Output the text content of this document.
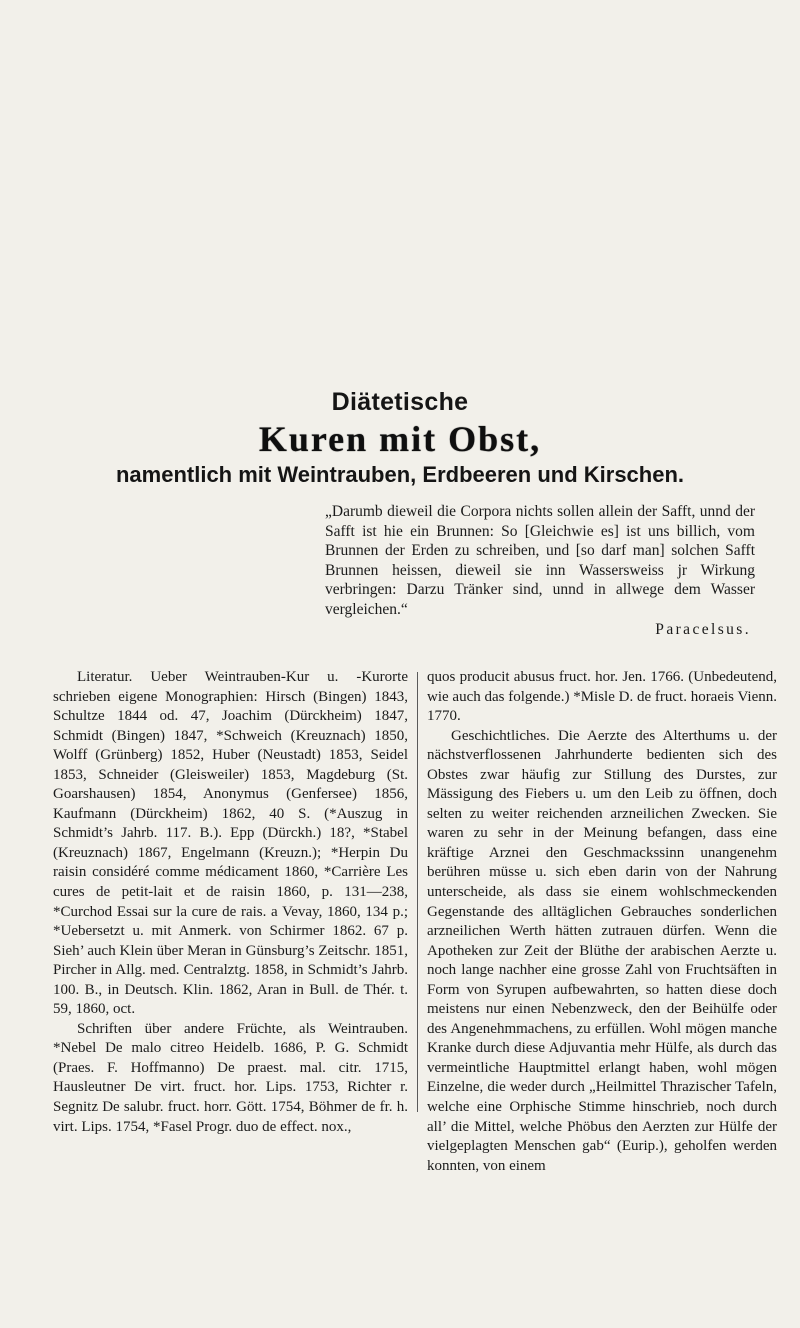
Diätetische
Kuren mit Obst,
namentlich mit Weintrauben, Erdbeeren und Kirschen.
„Darumb dieweil die Corpora nichts sollen allein der Safft, unnd der Safft ist hie ein Brunnen: So [Gleichwie es] ist uns billich, vom Brunnen der Erden zu schreiben, und [so darf man] solchen Safft Brunnen heissen, dieweil sie inn Wassersweiss jr Wirkung verbringen: Darzu Tränker sind, unnd in allwege dem Wasser vergleichen.“
Paracelsus.

Literatur. Ueber Weintrauben-Kur u. -Kurorte schrieben eigene Monographien: Hirsch (Bingen) 1843, Schultze 1844 od. 47, Joachim (Dürckheim) 1847, Schmidt (Bingen) 1847, *Schweich (Kreuznach) 1850, Wolff (Grünberg) 1852, Huber (Neustadt) 1853, Seidel 1853, Schneider (Gleisweiler) 1853, Magdeburg (St. Goarshausen) 1854, Anonymus (Genfersee) 1856, Kaufmann (Dürckheim) 1862, 40 S. (*Auszug in Schmidt’s Jahrb. 117. B.). Epp (Dürckh.) 18?, *Stabel (Kreuznach) 1867, Engelmann (Kreuzn.); *Herpin Du raisin considéré comme médicament 1860, *Carrière Les cures de petit-lait et de raisin 1860, p. 131—238, *Curchod Essai sur la cure de rais. a Vevay, 1860, 134 p.; *Uebersetzt u. mit Anmerk. von Schirmer 1862. 67 p. Sieh’ auch Klein über Meran in Günsburg’s Zeitschr. 1851, Pircher in Allg. med. Centralztg. 1858, in Schmidt’s Jahrb. 100. B., in Deutsch. Klin. 1862, Aran in Bull. de Thér. t. 59, 1860, oct.

Schriften über andere Früchte, als Weintrauben. *Nebel De malo citreo Heidelb. 1686, P. G. Schmidt (Praes. F. Hoffmanno) De praest. mal. citr. 1715, Hausleutner De virt. fruct. hor. Lips. 1753, Richter r. Segnitz De salubr. fruct. horr. Gött. 1754, Böhmer de fr. h. virt. Lips. 1754, *Fasel Progr. duo de effect. nox.,

quos producit abusus fruct. hor. Jen. 1766. (Unbedeutend, wie auch das folgende.) *Misle D. de fruct. horaeis Vienn. 1770.

Geschichtliches. Die Aerzte des Alterthums u. der nächstverflossenen Jahrhunderte bedienten sich des Obstes zwar häufig zur Stillung des Durstes, zur Mässigung des Fiebers u. um den Leib zu öffnen, doch selten zu weiter reichenden arzneilichen Zwecken. Sie waren zu sehr in der Meinung befangen, dass eine kräftige Arznei den Geschmackssinn unangenehm berühren müsse u. sich eben darin von der Nahrung unterscheide, als dass sie einem wohlschmeckenden Gegenstande des alltäglichen Gebrauches sonderlichen arzneilichen Werth hätten zutrauen dürfen. Wenn die Apotheken zur Zeit der Blüthe der arabischen Aerzte u. noch lange nachher eine grosse Zahl von Fruchtsäften in Form von Syrupen aufbewahrten, so hatten diese doch meistens nur einen Nebenzweck, den der Beihülfe oder des Angenehmmachens, zu erfüllen. Wohl mögen manche Kranke durch diese Adjuvantia mehr Hülfe, als durch das vermeintliche Hauptmittel erlangt haben, wohl mögen Einzelne, die weder durch „Heilmittel Thrazischer Tafeln, welche eine Orphische Stimme hinschrieb, noch durch all’ die Mittel, welche Phöbus den Aerzten zur Hülfe der vielgeplagten Menschen gab“ (Eurip.), geholfen werden konnten, von einem
